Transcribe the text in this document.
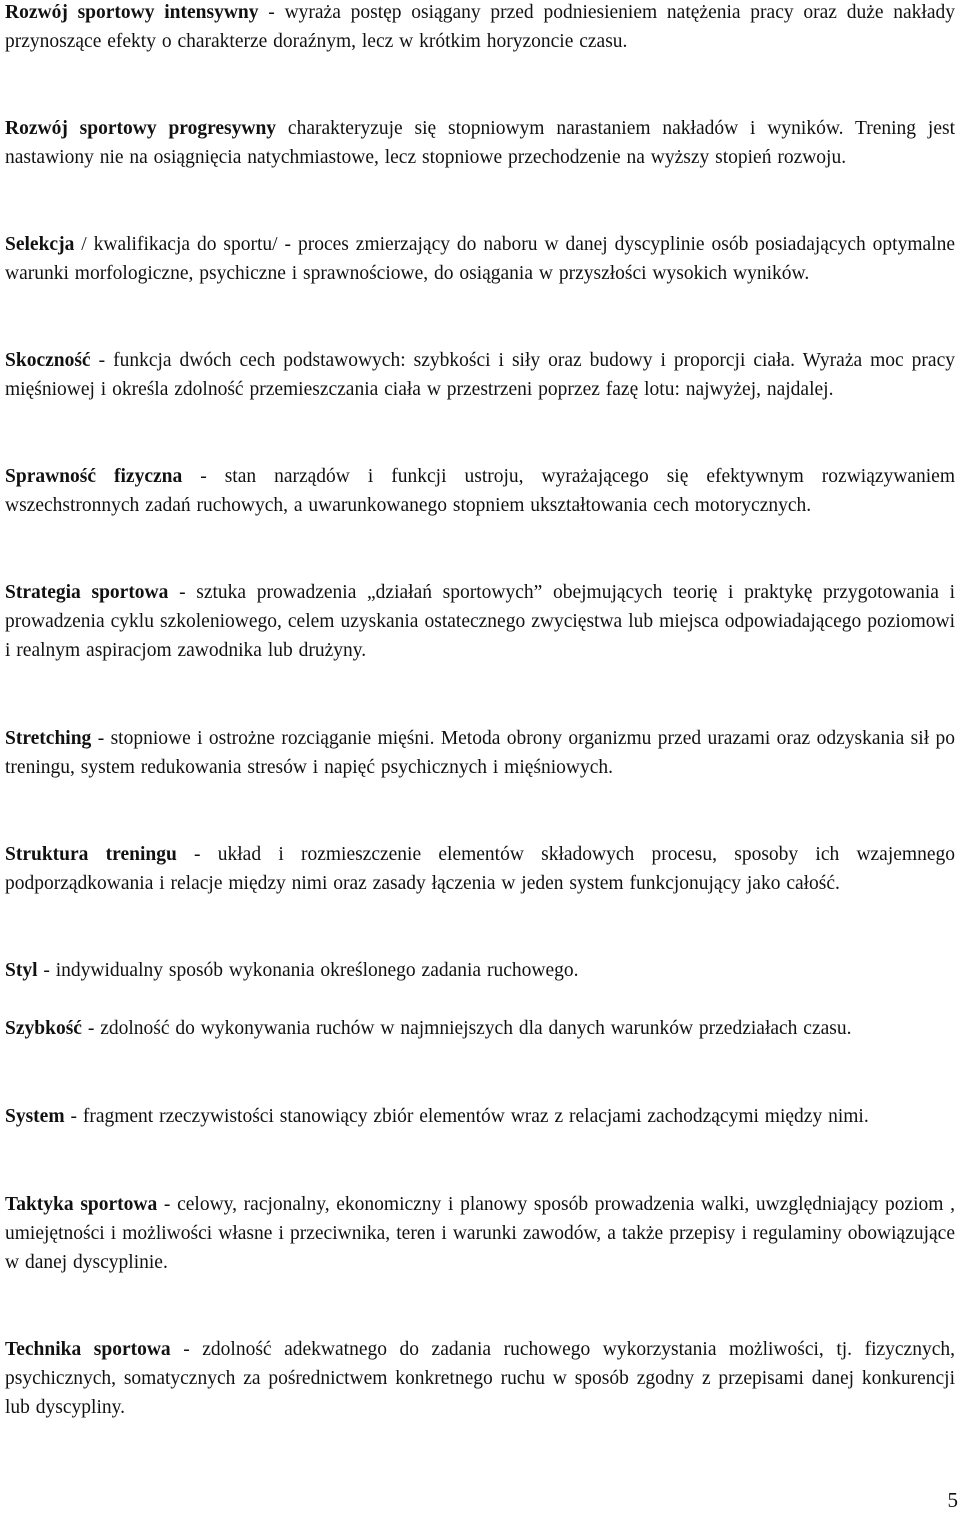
Rozwój sportowy intensywny - wyraża postęp osiągany przed podniesieniem natężenia pracy oraz duże nakłady przynoszące efekty o charakterze doraźnym, lecz w krótkim horyzoncie czasu.

Rozwój sportowy progresywny charakteryzuje się stopniowym narastaniem nakładów i wyników. Trening jest nastawiony nie na osiągnięcia natychmiastowe, lecz stopniowe przechodzenie na wyższy stopień rozwoju.

Selekcja / kwalifikacja do sportu/ - proces zmierzający do naboru w danej dyscyplinie osób posiadających optymalne warunki morfologiczne, psychiczne i sprawnościowe, do osiągania w przyszłości wysokich wyników.

Skoczność - funkcja dwóch cech podstawowych: szybkości i siły oraz budowy i proporcji ciała. Wyraża moc pracy mięśniowej i określa zdolność przemieszczania ciała w przestrzeni poprzez fazę lotu: najwyżej, najdalej.

Sprawność fizyczna - stan narządów i funkcji ustroju, wyrażającego się efektywnym rozwiązywaniem wszechstronnych zadań ruchowych, a uwarunkowanego stopniem ukształtowania cech motorycznych.

Strategia sportowa - sztuka prowadzenia „działań sportowych” obejmujących teorię i praktykę przygotowania i prowadzenia cyklu szkoleniowego, celem uzyskania ostatecznego zwycięstwa lub miejsca odpowiadającego poziomowi i realnym aspiracjom zawodnika lub drużyny.

Stretching - stopniowe i ostrożne rozciąganie mięśni. Metoda obrony organizmu przed urazami oraz odzyskania sił po treningu, system redukowania stresów i napięć psychicznych i mięśniowych.

Struktura treningu - układ i rozmieszczenie elementów składowych procesu, sposoby ich wzajemnego podporządkowania i relacje między nimi oraz zasady łączenia w jeden system funkcjonujący jako całość.

Styl - indywidualny sposób wykonania określonego zadania ruchowego.

Szybkość - zdolność do wykonywania ruchów w najmniejszych dla danych warunków przedziałach czasu.

System - fragment rzeczywistości stanowiący zbiór elementów wraz z relacjami zachodzącymi między nimi.

Taktyka sportowa - celowy, racjonalny, ekonomiczny i planowy sposób prowadzenia walki, uwzględniający poziom , umiejętności i możliwości własne i przeciwnika, teren i warunki zawodów, a także przepisy i regulaminy obowiązujące w danej dyscyplinie.

Technika sportowa - zdolność adekwatnego do zadania ruchowego wykorzystania możliwości, tj. fizycznych, psychicznych, somatycznych za pośrednictwem konkretnego ruchu w sposób zgodny z przepisami danej konkurencji lub dyscypliny.

5
